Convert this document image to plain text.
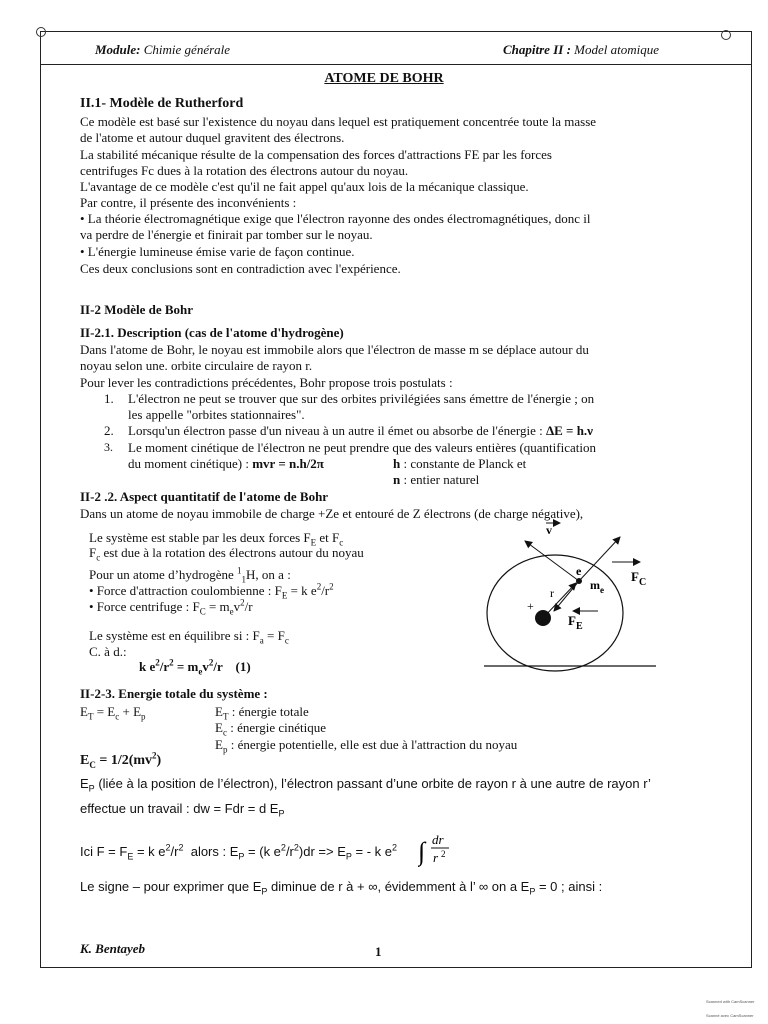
Module: Chimie générale	Chapitre II : Model atomique
ATOME DE BOHR
II.1- Modèle de Rutherford
Ce modèle est basé sur l'existence du noyau dans lequel est pratiquement concentrée toute la masse
de l'atome et autour duquel gravitent des électrons.
La stabilité mécanique résulte de la compensation des forces d'attractions FE par les forces
centrifuges Fc dues à la rotation des électrons autour du noyau.
L'avantage de ce modèle c'est qu'il ne fait appel qu'aux lois de la mécanique classique.
Par contre, il présente des inconvénients :
• La théorie électromagnétique exige que l'électron rayonne des ondes électromagnétiques, donc il
va perdre de l'énergie et finirait par tomber sur le noyau.
• L'énergie lumineuse émise varie de façon continue.
Ces deux conclusions sont en contradiction avec l'expérience.
II-2 Modèle de Bohr
II-2.1. Description (cas de l'atome d'hydrogène)
Dans l'atome de Bohr, le noyau est immobile alors que l'électron de masse m se déplace autour du
noyau selon une. orbite circulaire de rayon r.
Pour lever les contradictions précédentes, Bohr propose trois postulats :
1. L'électron ne peut se trouver que sur des orbites privilégiées sans émettre de l'énergie ; on
les appelle "orbites stationnaires".
2. Lorsqu'un électron passe d'un niveau à un autre il émet ou absorbe de l'énergie : ΔE = h.ν
3. Le moment cinétique de l'électron ne peut prendre que des valeurs entières (quantification
du moment cinétique) : mvr = n.h/2π	h : constante de Planck et
n : entier naturel
II-2 .2. Aspect quantitatif de l'atome de Bohr
Dans un atome de noyau immobile de charge +Ze et entouré de Z électrons (de charge négative),
Le système est stable par les deux forces $F_E$ et $F_c$
$F_c$ est due à la rotation des électrons autour du noyau
Pour un atome d’hydrogène $^1_1$H, on a :
• Force d'attraction coulombienne : $F_E = k$ $e^2/r^2$
• Force centrifuge : $F_C = m_ev^2/r$
Le système est en équilibre si : $F_a = F_c$
C. à d.:
k $e^2/r^2 = m_ev^2/r$    (1)
v
e
$m_e$
$F_C$
r
+
$F_E$
II-2-3. Energie totale du système :
$E_T = E_c + E_p$	$E_T$ : énergie totale
$E_c$ : énergie cinétique
$E_p$ : énergie potentielle, elle est due à l'attraction du noyau
$E_C = 1/2(mv^2)$
$E_P$ (liée à la position de l’électron), l’électron passant d’une orbite de rayon r à une autre de rayon r’
effectue un travail : dw = Fdr = d $E_P$
Ici $F = F_E = k$ $e^2/r^2$  alors : $E_P = (k$ $e^2/r^2)dr => E_P$ = - k $e^2$ ∫ dr
r 2
Le signe – pour exprimer que $E_P$ diminue de r à + ∞, évidemment à l’ ∞ on a $E_P = 0$ ; ainsi :
K. Bentayeb	1
Scanned with CamScanner
Scanné avec CamScanner
